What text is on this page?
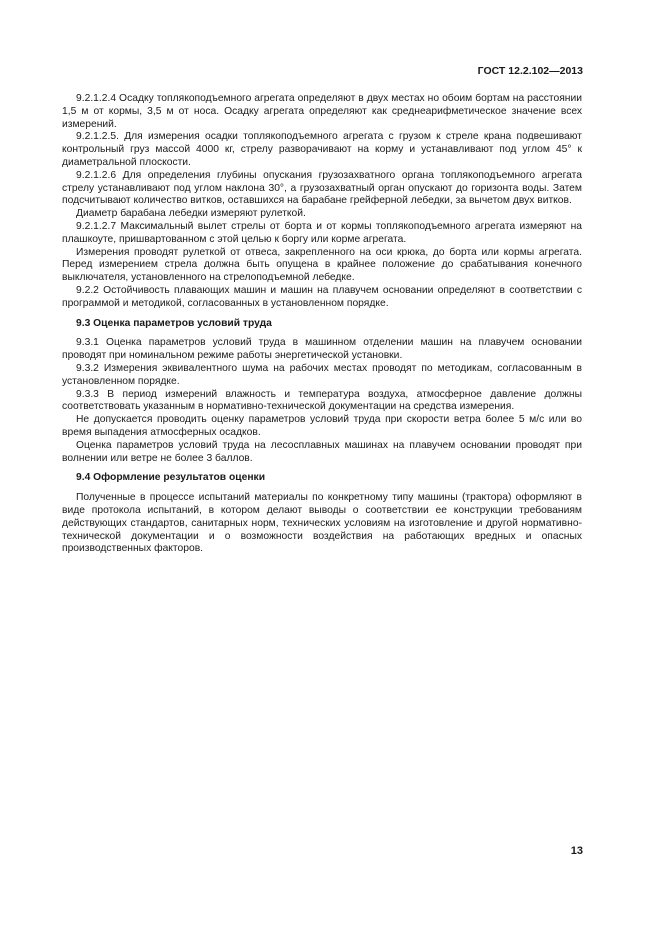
ГОСТ 12.2.102—2013

9.2.1.2.4 Осадку топлякоподъемного агрегата определяют в двух местах но обоим бортам на расстоянии 1,5 м от кормы, 3,5 м от носа. Осадку агрегата определяют как среднеарифметическое значение всех измерений.

9.2.1.2.5. Для измерения осадки топлякоподъемного агрегата с грузом к стреле крана подвешивают контрольный груз массой 4000 кг, стрелу разворачивают на корму и устанавливают под углом 45° к диаметральной плоскости.

9.2.1.2.6 Для определения глубины опускания грузозахватного органа топлякоподъемного агрегата стрелу устанавливают под углом наклона 30°, а грузозахватный орган опускают до горизонта воды. Затем подсчитывают количество витков, оставшихся на барабане грейферной лебедки, за вычетом двух витков.

Диаметр барабана лебедки измеряют рулеткой.

9.2.1.2.7 Максимальный вылет стрелы от борта и от кормы топлякоподъемного агрегата измеряют на плашкоуте, пришвартованном с этой целью к боргу или корме агрегата.

Измерения проводят рулеткой от отвеса, закрепленного на оси крюка, до борта или кормы агрегата. Перед измерением стрела должна быть опущена в крайнее положение до срабатывания конечного выключателя, установленного на стрелоподъемной лебедке.

9.2.2 Остойчивость плавающих машин и машин на плавучем основании определяют в соответствии с программой и методикой, согласованных в установленном порядке.

9.3 Оценка параметров условий труда

9.3.1 Оценка параметров условий труда в машинном отделении машин на плавучем основании проводят при номинальном режиме работы энергетической установки.

9.3.2 Измерения эквивалентного шума на рабочих местах проводят по методикам, согласованным в установленном порядке.

9.3.3 В период измерений влажность и температура воздуха, атмосферное давление должны соответствовать указанным в нормативно-технической документации на средства измерения.

Не допускается проводить оценку параметров условий труда при скорости ветра более 5 м/с или во время выпадения атмосферных осадков.

Оценка параметров условий труда на лесосплавных машинах на плавучем основании проводят при волнении или ветре не более 3 баллов.

9.4 Оформление результатов оценки

Полученные в процессе испытаний материалы по конкретному типу машины (трактора) оформляют в виде протокола испытаний, в котором делают выводы о соответствии ее конструкции требованиям действующих стандартов, санитарных норм, технических условиям на изготовление и другой нормативно-технической документации и о возможности воздействия на работающих вредных и опасных производственных факторов.

13
